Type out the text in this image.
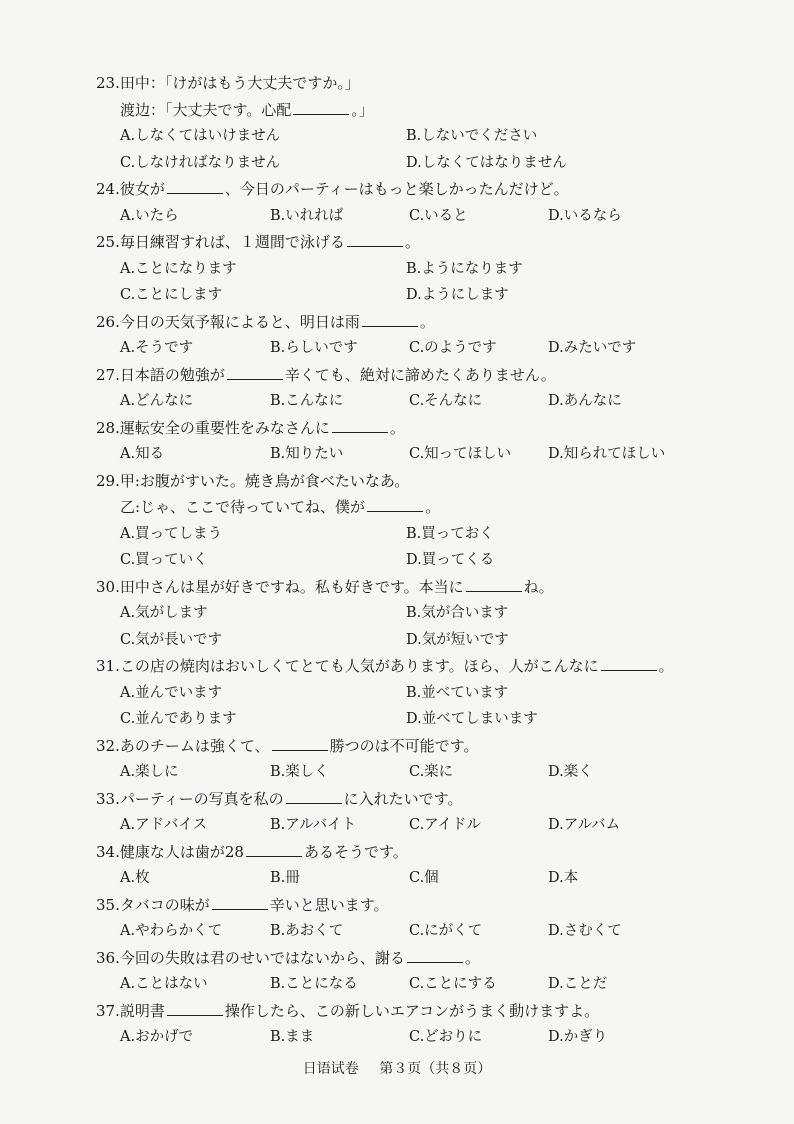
23.田中：「けがはもう大丈夫ですか。」
渡边：「大丈夫です。心配	。」
A.しなくてはいけません	B.しないでください
C.しなければなりません	D.しなくてはなりません
24.彼女が	、今日のパーティーはもっと楽しかったんだけど。
A.いたら	B.いれれば	C.いると	D.いるなら
25.毎日練習すれば、１週間で泳げる	。
A.ことになります	B.ようになります
C.ことにします	D.ようにします
26.今日の天気予報によると、明日は雨	。
A.そうです	B.らしいです	C.のようです	D.みたいです
27.日本語の勉強が	辛くても、絶対に諦めたくありません。
A.どんなに	B.こんなに	C.そんなに	D.あんなに
28.運転安全の重要性をみなさんに	。
A.知る	B.知りたい	C.知ってほしい	D.知られてほしい
29.甲:お腹がすいた。焼き鳥が食べたいなあ。
乙:じゃ、ここで待っていてね、僕が	。
A.買ってしまう	B.買っておく
C.買っていく	D.買ってくる
30.田中さんは星が好きですね。私も好きです。本当に	ね。
A.気がします	B.気が合います
C.気が長いです	D.気が短いです
31.この店の焼肉はおいしくてとても人気があります。ほら、人がこんなに	。
A.並んでいます	B.並べています
C.並んであります	D.並べてしまいます
32.あのチームは強くて、	勝つのは不可能です。
A.楽しに	B.楽しく	C.楽に	D.楽く
33.パーティーの写真を私の	に入れたいです。
A.アドバイス	B.アルバイト	C.アイドル	D.アルバム
34.健康な人は歯が28	あるそうです。
A.枚	B.冊	C.個	D.本
35.タバコの味が	辛いと思います。
A.やわらかくて	B.あおくて	C.にがくて	D.さむくて
36.今回の失敗は君のせいではないから、謝る	。
A.ことはない	B.ことになる	C.ことにする	D.ことだ
37.説明書	操作したら、この新しいエアコンがうまく動けますよ。
A.おかげで	B.まま	C.どおりに	D.かぎり
日语试卷 第３页（共８页）
